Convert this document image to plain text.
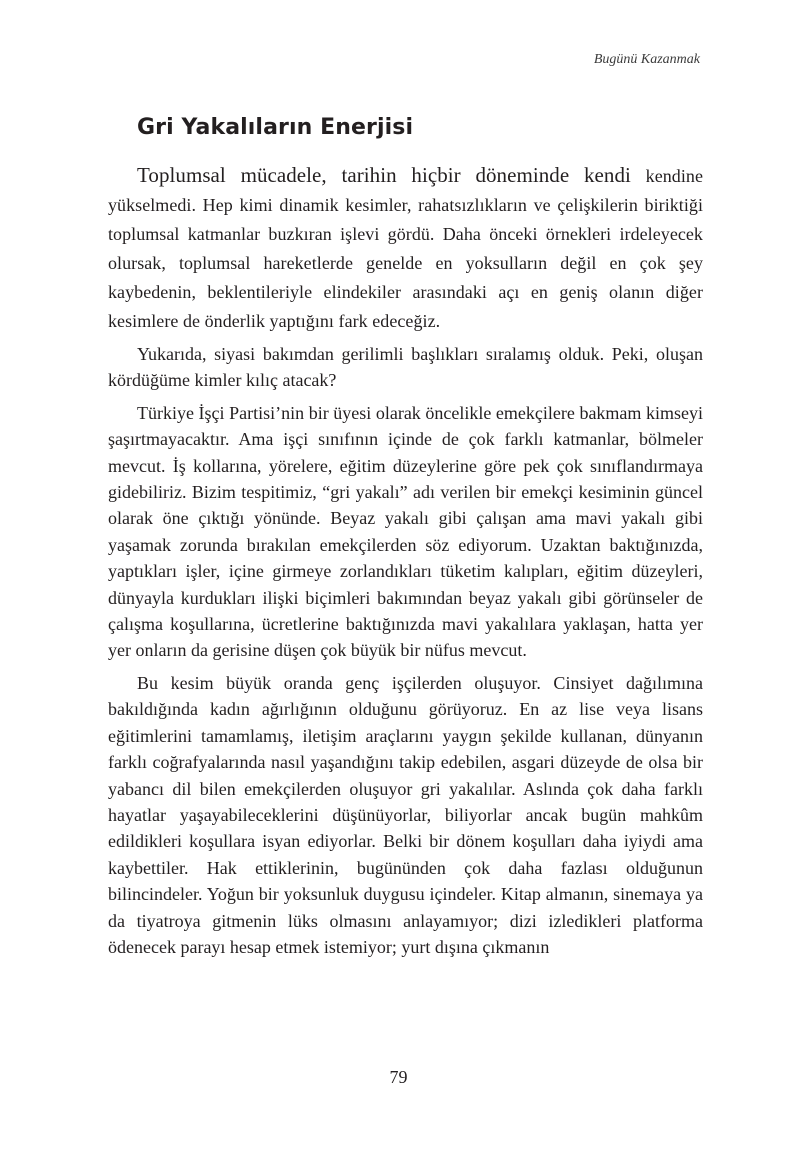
Bugünü Kazanmak
Gri Yakalıların Enerjisi

Toplumsal mücadele, tarihin hiçbir döneminde kendi kendine yükselmedi. Hep kimi dinamik kesimler, rahatsızlıkların ve çelişkilerin biriktiği toplumsal katmanlar buzkıran işlevi gördü. Daha önceki örnekleri irdeleyecek olursak, toplumsal hareketlerde genelde en yoksulların değil en çok şey kaybedenin, beklentileriyle elindekiler arasındaki açı en geniş olanın diğer kesimlere de önderlik yaptığını fark edeceğiz.

Yukarıda, siyasi bakımdan gerilimli başlıkları sıralamış olduk. Peki, oluşan kördüğüme kimler kılıç atacak?

Türkiye İşçi Partisi’nin bir üyesi olarak öncelikle emekçilere bakmam kimseyi şaşırtmayacaktır. Ama işçi sınıfının içinde de çok farklı katmanlar, bölmeler mevcut. İş kollarına, yörelere, eğitim düzeylerine göre pek çok sınıflandırmaya gidebiliriz. Bizim tespitimiz, “gri yakalı” adı verilen bir emekçi kesiminin güncel olarak öne çıktığı yönünde. Beyaz yakalı gibi çalışan ama mavi yakalı gibi yaşamak zorunda bırakılan emekçilerden söz ediyorum. Uzaktan baktığınızda, yaptıkları işler, içine girmeye zorlandıkları tüketim kalıpları, eğitim düzeyleri, dünyayla kurdukları ilişki biçimleri bakımından beyaz yakalı gibi görünseler de çalışma koşullarına, ücretlerine baktığınızda mavi yakalılara yaklaşan, hatta yer yer onların da gerisine düşen çok büyük bir nüfus mevcut.

Bu kesim büyük oranda genç işçilerden oluşuyor. Cinsiyet dağılımına bakıldığında kadın ağırlığının olduğunu görüyoruz. En az lise veya lisans eğitimlerini tamamlamış, iletişim araçlarını yaygın şekilde kullanan, dünyanın farklı coğrafyalarında nasıl yaşandığını takip edebilen, asgari düzeyde de olsa bir yabancı dil bilen emekçilerden oluşuyor gri yakalılar. Aslında çok daha farklı hayatlar yaşayabileceklerini düşünüyorlar, biliyorlar ancak bugün mahkûm edildikleri koşullara isyan ediyorlar. Belki bir dönem koşulları daha iyiydi ama kaybettiler. Hak ettiklerinin, bugününden çok daha fazlası olduğunun bilincindeler. Yoğun bir yoksunluk duygusu içindeler. Kitap almanın, sinemaya ya da tiyatroya gitmenin lüks olmasını anlayamıyor; dizi izledikleri platforma ödenecek parayı hesap etmek istemiyor; yurt dışına çıkmanın

79
